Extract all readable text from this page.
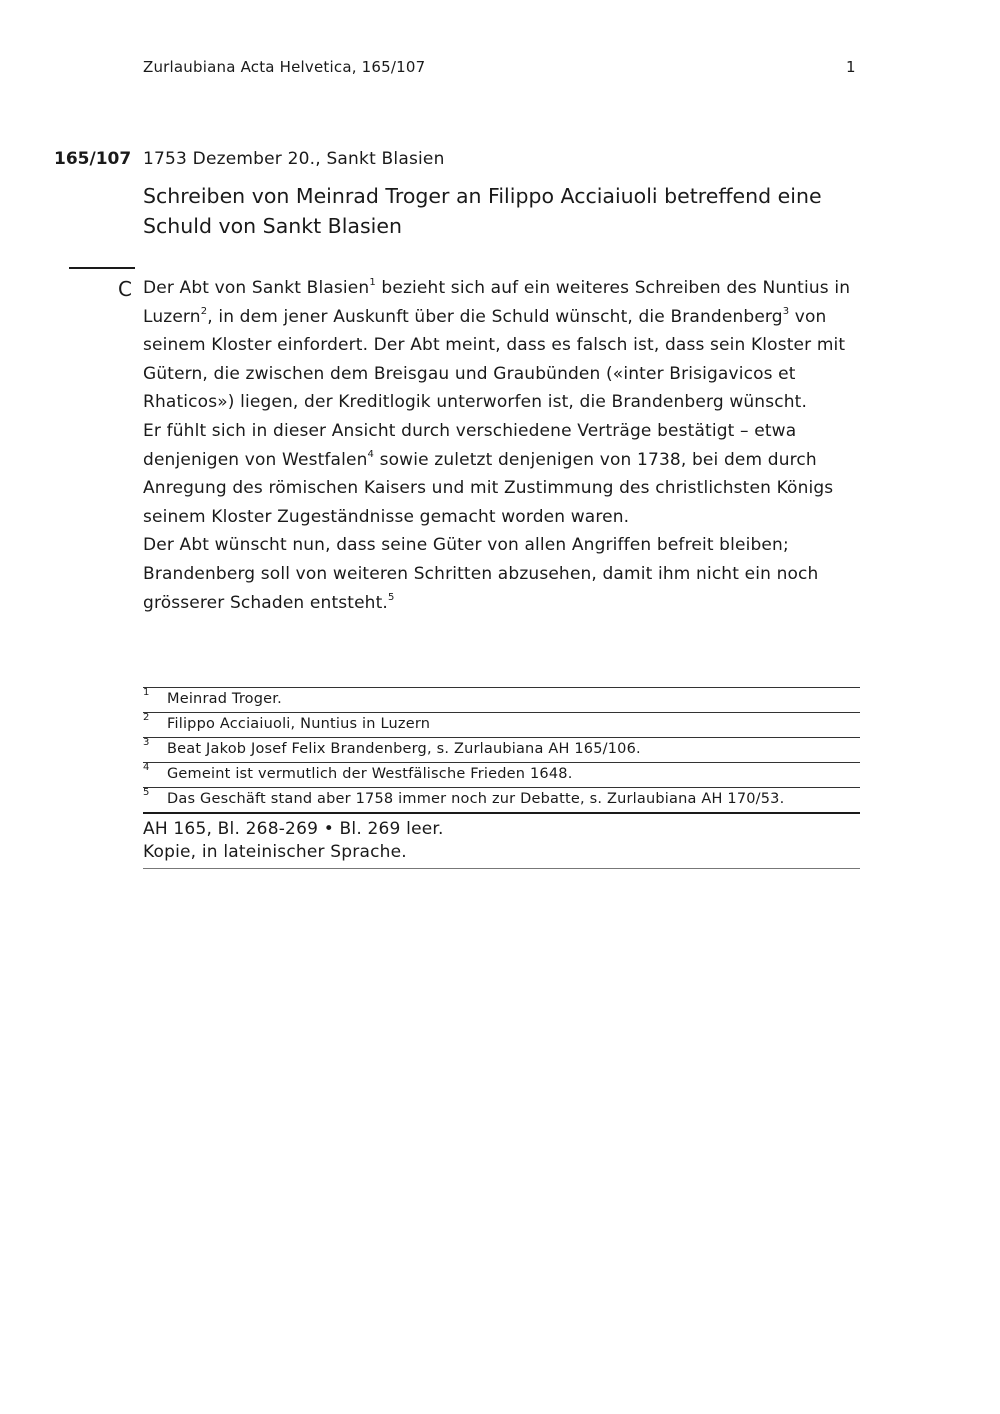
Zurlaubiana Acta Helvetica, 165/107	1
165/107 1753 Dezember 20., Sankt Blasien
Schreiben von Meinrad Troger an Filippo Acciaiuoli betreffend eine Schuld von Sankt Blasien
C Der Abt von Sankt Blasien$^1$ bezieht sich auf ein weiteres Schreiben des Nuntius in Luzern$^2$, in dem jener Auskunft über die Schuld wünscht, die Brandenberg$^3$ von seinem Kloster einfordert. Der Abt meint, dass es falsch ist, dass sein Kloster mit Gütern, die zwischen dem Breisgau und Graubünden («inter Brisigavicos et Rhaticos») liegen, der Kreditlogik unterworfen ist, die Brandenberg wünscht.

Er fühlt sich in dieser Ansicht durch verschiedene Verträge bestätigt – etwa denjenigen von Westfalen$^4$ sowie zuletzt denjenigen von 1738, bei dem durch Anregung des römischen Kaisers und mit Zustimmung des christlichsten Königs seinem Kloster Zugeständnisse gemacht worden waren.

Der Abt wünscht nun, dass seine Güter von allen Angriffen befreit bleiben; Brandenberg soll von weiteren Schritten abzusehen, damit ihm nicht ein noch grösserer Schaden entsteht.$^5$

1 Meinrad Troger.
2 Filippo Acciaiuoli, Nuntius in Luzern
3 Beat Jakob Josef Felix Brandenberg, s. Zurlaubiana AH 165/106.
4 Gemeint ist vermutlich der Westfälische Frieden 1648.
5 Das Geschäft stand aber 1758 immer noch zur Debatte, s. Zurlaubiana AH 170/53.
AH 165, Bl. 268-269 • Bl. 269 leer.
Kopie, in lateinischer Sprache.
